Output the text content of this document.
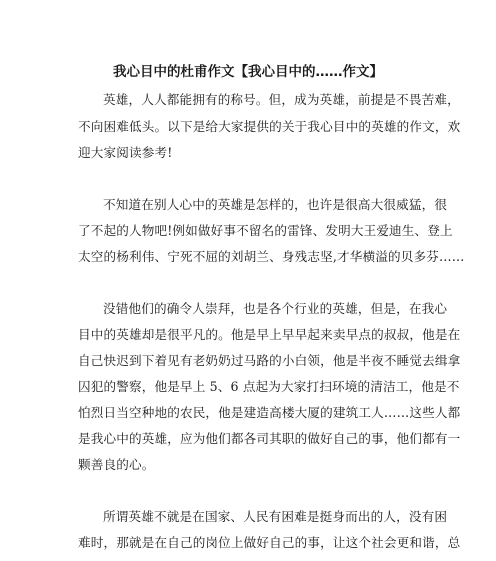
我心目中的杜甫作文【我心目中的……作文】

英雄，人人都能拥有的称号。但，成为英雄，前提是不畏苦难，

不向困难低头。以下是给大家提供的关于我心目中的英雄的作文，欢

迎大家阅读参考!

不知道在别人心中的英雄是怎样的，也许是很高大很威猛，很

了不起的人物吧!例如做好事不留名的雷锋、发明大王爱迪生、登上

太空的杨利伟、宁死不屈的刘胡兰、身残志坚,才华横溢的贝多芬……

没错他们的确令人崇拜，也是各个行业的英雄，但是，在我心

目中的英雄却是很平凡的。他是早上早早起来卖早点的叔叔，他是在

自己快迟到下着见有老奶奶过马路的小白领，他是半夜不睡觉去缉拿

囚犯的警察，他是早上 5、6 点起为大家打扫环境的清洁工，他是不

怕烈日当空种地的农民，他是建造高楼大厦的建筑工人……这些人都

是我心中的英雄，应为他们都各司其职的做好自己的事，他们都有一

颗善良的心。

所谓英雄不就是在国家、人民有困难是挺身而出的人，没有困

难时，那就是在自己的岗位上做好自己的事，让这个社会更和谐，总
